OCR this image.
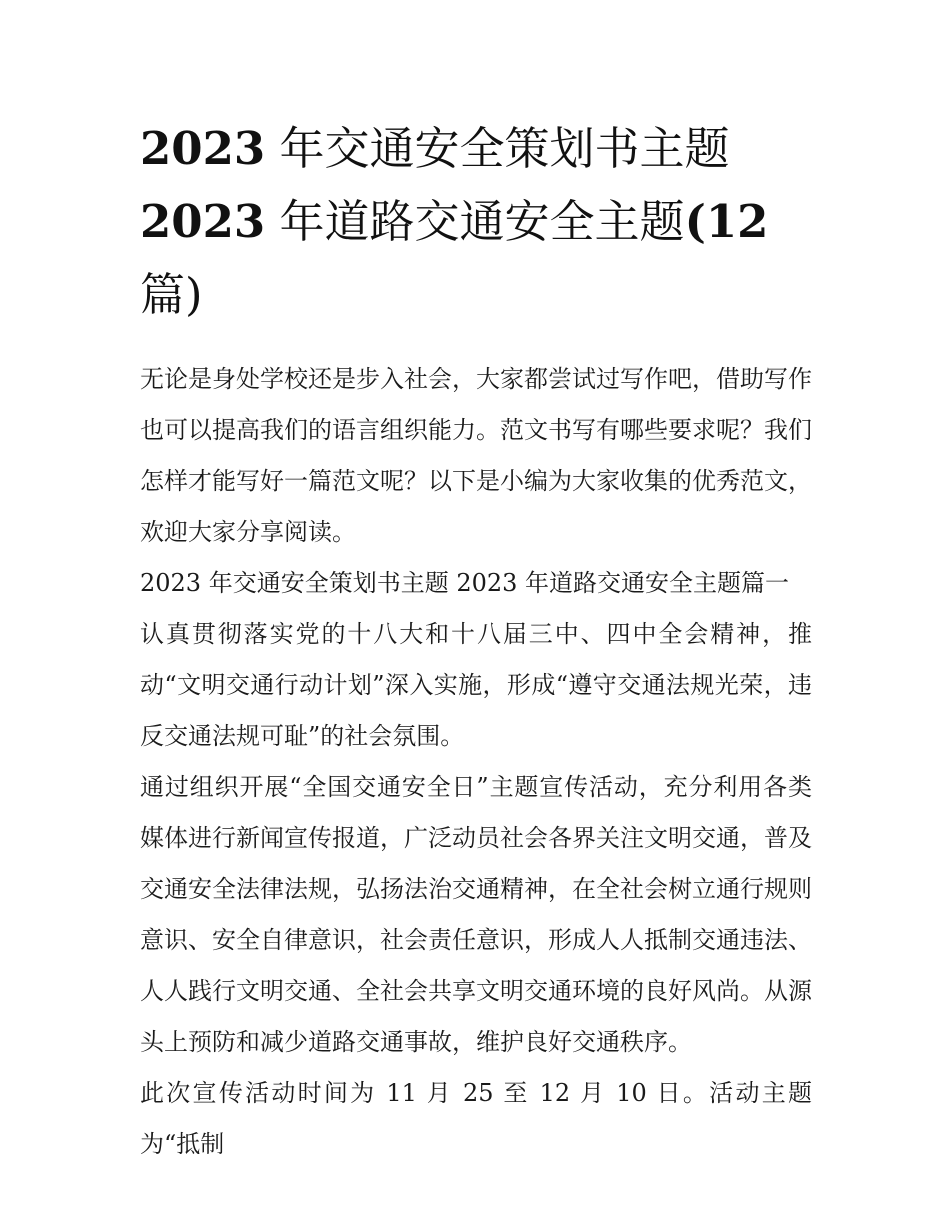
2023 年交通安全策划书主题
2023 年道路交通安全主题(12
篇)

无论是身处学校还是步入社会，大家都尝试过写作吧，借助写作也可以提高我们的语言组织能力。范文书写有哪些要求呢？我们怎样才能写好一篇范文呢？以下是小编为大家收集的优秀范文，欢迎大家分享阅读。

2023 年交通安全策划书主题 2023 年道路交通安全主题篇一

认真贯彻落实党的十八大和十八届三中、四中全会精神，推动“文明交通行动计划”深入实施，形成“遵守交通法规光荣，违反交通法规可耻”的社会氛围。

通过组织开展“全国交通安全日”主题宣传活动，充分利用各类媒体进行新闻宣传报道，广泛动员社会各界关注文明交通，普及交通安全法律法规，弘扬法治交通精神，在全社会树立通行规则意识、安全自律意识，社会责任意识，形成人人抵制交通违法、人人践行文明交通、全社会共享文明交通环境的良好风尚。从源头上预防和减少道路交通事故，维护良好交通秩序。

此次宣传活动时间为 11 月 25 至 12 月 10 日。活动主题为“抵制
